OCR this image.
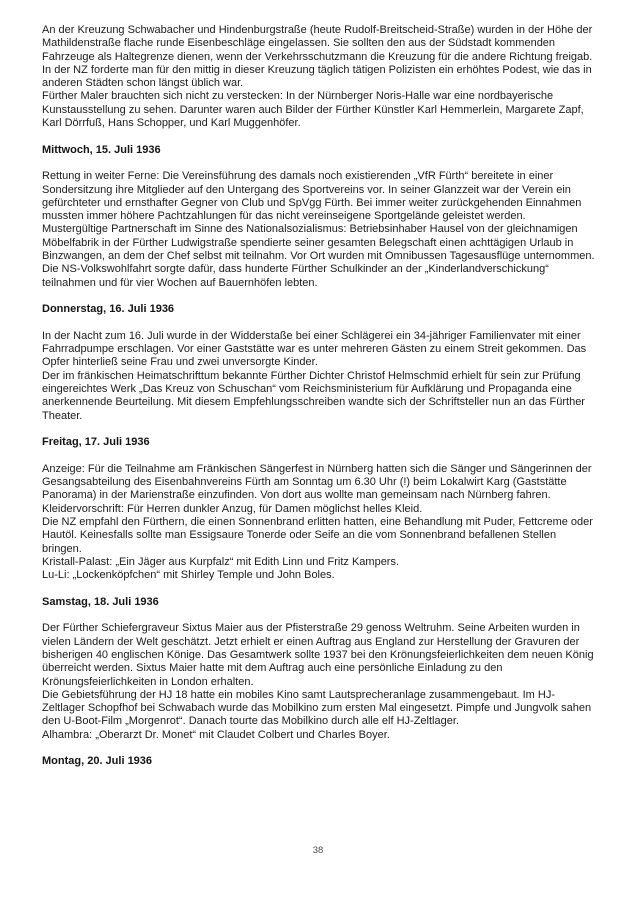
An der Kreuzung Schwabacher und Hindenburgstraße (heute Rudolf-Breitscheid-Straße) wurden in der Höhe der Mathildenstraße flache runde Eisenbeschläge eingelassen. Sie sollten den aus der Südstadt kommenden Fahrzeuge als Haltegrenze dienen, wenn der Verkehrsschutzmann die Kreuzung für die andere Richtung freigab. In der NZ forderte man für den mittig in dieser Kreuzung täglich tätigen Polizisten ein erhöhtes Podest, wie das in anderen Städten schon längst üblich war.

Fürther Maler brauchten sich nicht zu verstecken: In der Nürnberger Noris-Halle war eine nordbayerische Kunstausstellung zu sehen. Darunter waren auch Bilder der Fürther Künstler Karl Hemmerlein, Margarete Zapf, Karl Dörrfuß, Hans Schopper, und Karl Muggenhöfer.

Mittwoch, 15. Juli 1936

Rettung in weiter Ferne: Die Vereinsführung des damals noch existierenden „VfR Fürth“ bereitete in einer Sondersitzung ihre Mitglieder auf den Untergang des Sportvereins vor. In seiner Glanzzeit war der Verein ein gefürchteter und ernsthafter Gegner von Club und SpVgg Fürth. Bei immer weiter zurückgehenden Einnahmen mussten immer höhere Pachtzahlungen für das nicht vereinseigene Sportgelände geleistet werden.

Mustergültige Partnerschaft im Sinne des Nationalsozialismus: Betriebsinhaber Hausel von der gleichnamigen Möbelfabrik in der Fürther Ludwigstraße spendierte seiner gesamten Belegschaft einen achttägigen Urlaub in Binzwangen, an dem der Chef selbst mit teilnahm. Vor Ort wurden mit Omnibussen Tagesausflüge unternommen.

Die NS-Volkswohlfahrt sorgte dafür, dass hunderte Fürther Schulkinder an der „Kinderlandverschickung“ teilnahmen und für vier Wochen auf Bauernhöfen lebten.

Donnerstag, 16. Juli 1936

In der Nacht zum 16. Juli wurde in der Widderstaße bei einer Schlägerei ein 34-jähriger Familienvater mit einer Fahrradpumpe erschlagen. Vor einer Gaststätte war es unter mehreren Gästen zu einem Streit gekommen. Das Opfer hinterließ seine Frau und zwei unversorgte Kinder.

Der im fränkischen Heimatschrifttum bekannte Fürther Dichter Christof Helmschmid erhielt für sein zur Prüfung eingereichtes Werk „Das Kreuz von Schuschan“ vom Reichsministerium für Aufklärung und Propaganda eine anerkennende Beurteilung. Mit diesem Empfehlungsschreiben wandte sich der Schriftsteller nun an das Fürther Theater.

Freitag, 17. Juli 1936

Anzeige: Für die Teilnahme am Fränkischen Sängerfest in Nürnberg hatten sich die Sänger und Sängerinnen der Gesangsabteilung des Eisenbahnvereins Fürth am Sonntag um 6.30 Uhr (!) beim Lokalwirt Karg (Gaststätte Panorama) in der Marienstraße einzufinden. Von dort aus wollte man gemeinsam nach Nürnberg fahren. Kleidervorschrift: Für Herren dunkler Anzug, für Damen möglichst helles Kleid.

Die NZ empfahl den Fürthern, die einen Sonnenbrand erlitten hatten, eine Behandlung mit Puder, Fettcreme oder Hautöl. Keinesfalls sollte man Essigsaure Tonerde oder Seife an die vom Sonnenbrand befallenen Stellen bringen.

Kristall-Palast: „Ein Jäger aus Kurpfalz“ mit Edith Linn und Fritz Kampers.

Lu-Li: „Lockenköpfchen“ mit Shirley Temple und John Boles.

Samstag, 18. Juli 1936

Der Fürther Schiefergraveur Sixtus Maier aus der Pfisterstraße 29 genoss Weltruhm. Seine Arbeiten wurden in vielen Ländern der Welt geschätzt. Jetzt erhielt er einen Auftrag aus England zur Herstellung der Gravuren der bisherigen 40 englischen Könige. Das Gesamtwerk sollte 1937 bei den Krönungsfeierlichkeiten dem neuen König überreicht werden. Sixtus Maier hatte mit dem Auftrag auch eine persönliche Einladung zu den Krönungsfeierlichkeiten in London erhalten.

Die Gebietsführung der HJ 18 hatte ein mobiles Kino samt Lautsprecheranlage zusammengebaut. Im HJ-Zeltlager Schopfhof bei Schwabach wurde das Mobilkino zum ersten Mal eingesetzt. Pimpfe und Jungvolk sahen den U-Boot-Film „Morgenrot“. Danach tourte das Mobilkino durch alle elf HJ-Zeltlager.

Alhambra: „Oberarzt Dr. Monet“ mit Claudet Colbert und Charles Boyer.

Montag, 20. Juli 1936
38
